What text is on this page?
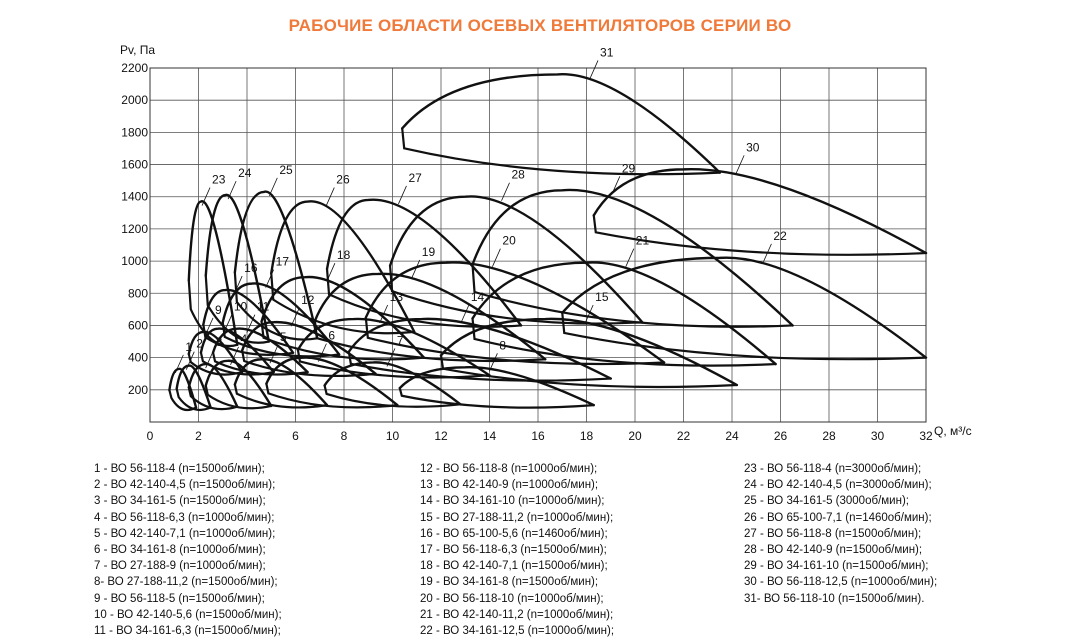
РАБОЧИЕ ОБЛАСТИ ОСЕВЫХ ВЕНТИЛЯТОРОВ СЕРИИ ВО
0	2	4	6	8	10	12	14	16	18	20	22	24	26	28	30	32
200
400
600
800
1000
1200
1400
1600
1800
2000
2200
1 2 3 4	5	6	7	8
9 10 11	12	13	14	15
16 17	18	19
20	21	22
23 24 25
26	27	28	29
30
31
Pv, Па
Q, м³/с
1 - ВО 56-118-4 (n=1500об/мин);
2 - ВО 42-140-4,5 (n=1500об/мин);
3 - ВО 34-161-5 (n=1500об/мин);
4 - ВО 56-118-6,3 (n=1000об/мин);
5 - ВО 42-140-7,1 (n=1000об/мин);
6 - ВО 34-161-8 (n=1000об/мин);
7 - ВО 27-188-9 (n=1000об/мин);
8- ВО 27-188-11,2 (n=1500об/мин);
9 - ВО 56-118-5 (n=1500об/мин);
10 - ВО 42-140-5,6 (n=1500об/мин);
11 - ВО 34-161-6,3 (n=1500об/мин);
12 - ВО 56-118-8 (n=1000об/мин);
13 - ВО 42-140-9 (n=1000об/мин);
14 - ВО 34-161-10 (n=1000об/мин);
15 - ВО 27-188-11,2 (n=1000об/мин);
16 - ВО 65-100-5,6 (n=1460об/мин);
17 - ВО 56-118-6,3 (n=1500об/мин);
18 - ВО 42-140-7,1 (n=1500об/мин);
19 - ВО 34-161-8 (n=1500об/мин);
20 - ВО 56-118-10 (n=1000об/мин);
21 - ВО 42-140-11,2 (n=1000об/мин);
22 - ВО 34-161-12,5 (n=1000об/мин);
23 - ВО 56-118-4 (n=3000об/мин);
24 - ВО 42-140-4,5 (n=3000об/мин);
25 - ВО 34-161-5 (3000об/мин);
26 - ВО 65-100-7,1 (n=1460об/мин);
27 - ВО 56-118-8 (n=1500об/мин);
28 - ВО 42-140-9 (n=1500об/мин);
29 - ВО 34-161-10 (n=1500об/мин);
30 - ВО 56-118-12,5 (n=1000об/мин);
31- ВО 56-118-10 (n=1500об/мин).
